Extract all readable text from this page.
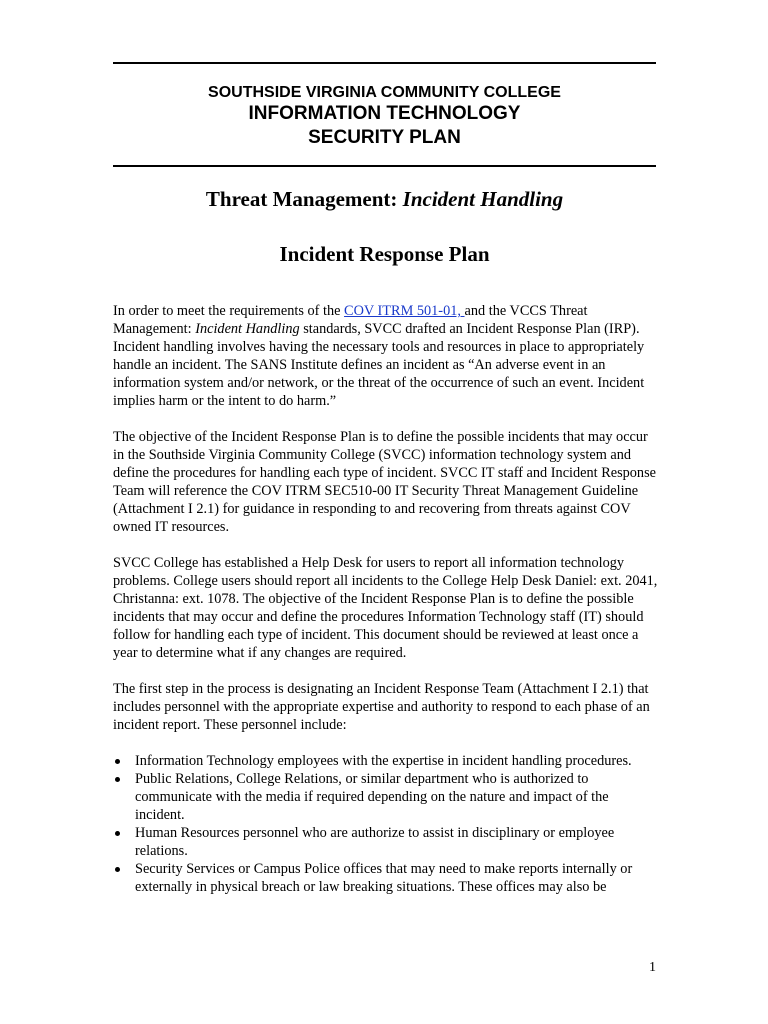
SOUTHSIDE VIRGINIA COMMUNITY COLLEGE
INFORMATION TECHNOLOGY
SECURITY PLAN
Threat Management: Incident Handling
Incident Response Plan

In order to meet the requirements of the COV ITRM 501-01, and the VCCS Threat Management: Incident Handling standards, SVCC drafted an Incident Response Plan (IRP). Incident handling involves having the necessary tools and resources in place to appropriately handle an incident. The SANS Institute defines an incident as “An adverse event in an information system and/or network, or the threat of the occurrence of such an event. Incident implies harm or the intent to do harm.”

The objective of the Incident Response Plan is to define the possible incidents that may occur in the Southside Virginia Community College (SVCC) information technology system and define the procedures for handling each type of incident. SVCC IT staff and Incident Response Team will reference the COV ITRM SEC510-00 IT Security Threat Management Guideline (Attachment I 2.1) for guidance in responding to and recovering from threats against COV owned IT resources.

SVCC College has established a Help Desk for users to report all information technology problems. College users should report all incidents to the College Help Desk Daniel: ext. 2041, Christanna: ext. 1078. The objective of the Incident Response Plan is to define the possible incidents that may occur and define the procedures Information Technology staff (IT) should follow for handling each type of incident. This document should be reviewed at least once a year to determine what if any changes are required.

The first step in the process is designating an Incident Response Team (Attachment I 2.1) that includes personnel with the appropriate expertise and authority to respond to each phase of an incident report. These personnel include:

Information Technology employees with the expertise in incident handling procedures.
Public Relations, College Relations, or similar department who is authorized to communicate with the media if required depending on the nature and impact of the incident.
Human Resources personnel who are authorize to assist in disciplinary or employee relations.
Security Services or Campus Police offices that may need to make reports internally or externally in physical breach or law breaking situations. These offices may also be
1
